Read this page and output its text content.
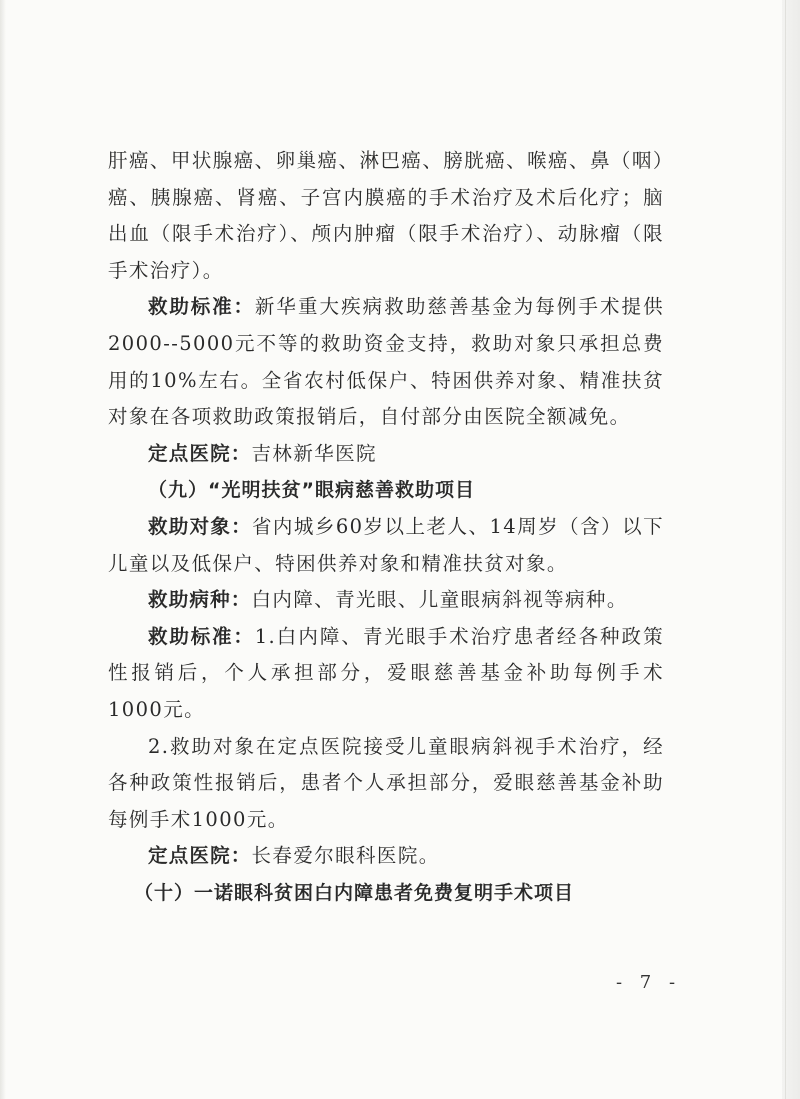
肝癌、甲状腺癌、卵巢癌、淋巴癌、膀胱癌、喉癌、鼻（咽）癌、胰腺癌、肾癌、子宫内膜癌的手术治疗及术后化疗；脑出血（限手术治疗）、颅内肿瘤（限手术治疗）、动脉瘤（限手术治疗）。

救助标准：新华重大疾病救助慈善基金为每例手术提供2000--5000元不等的救助资金支持，救助对象只承担总费用的10%左右。全省农村低保户、特困供养对象、精准扶贫对象在各项救助政策报销后，自付部分由医院全额减免。

定点医院：吉林新华医院

（九）“光明扶贫”眼病慈善救助项目

救助对象：省内城乡60岁以上老人、14周岁（含）以下儿童以及低保户、特困供养对象和精准扶贫对象。

救助病种：白内障、青光眼、儿童眼病斜视等病种。

救助标准：1.白内障、青光眼手术治疗患者经各种政策性报销后，个人承担部分，爱眼慈善基金补助每例手术1000元。

2.救助对象在定点医院接受儿童眼病斜视手术治疗，经各种政策性报销后，患者个人承担部分，爱眼慈善基金补助每例手术1000元。

定点医院：长春爱尔眼科医院。

（十）一诺眼科贫困白内障患者免费复明手术项目

- 7 -
